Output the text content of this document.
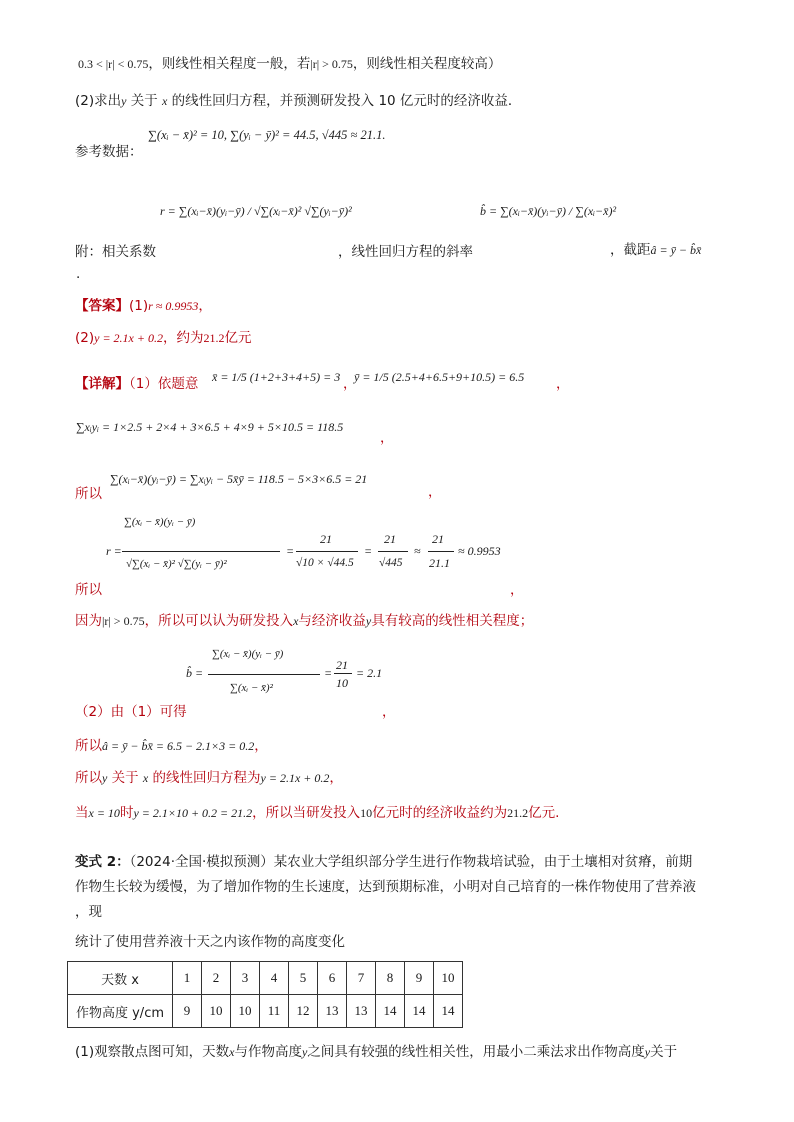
0.3 < |r| < 0.75，则线性相关程度一般，若|r| > 0.75，则线性相关程度较高）
(2)求出y 关于 x 的线性回归方程，并预测研发投入 10 亿元时的经济收益．
∑(xᵢ − x̄)² = 10, ∑(yᵢ − ȳ)² = 44.5, √445 ≈ 21.1.
参考数据：
r = ∑(xᵢ−x̄)(yᵢ−ȳ) / √∑(xᵢ−x̄)² √∑(yᵢ−ȳ)²	b̂ = ∑(xᵢ−x̄)(yᵢ−ȳ) / ∑(xᵢ−x̄)²
附：相关系数	，线性回归方程的斜率	，截距â = ȳ − b̂x̄
.
【答案】(1)r ≈ 0.9953，
(2)y = 2.1x + 0.2，约为21.2亿元
【详解】（1）依题意 x̄ = 1/5 (1+2+3+4+5) = 3 ，
ȳ = 1/5 (2.5+4+6.5+9+10.5) = 6.5 ，
∑xᵢyᵢ = 1×2.5 + 2×4 + 3×6.5 + 4×9 + 5×10.5 = 118.5
，
所以
∑(xᵢ−x̄)(yᵢ−ȳ) = ∑xᵢyᵢ − 5x̄ȳ = 118.5 − 5×3×6.5 = 21
，
r =
∑(xᵢ − x̄)(yᵢ − ȳ)
√∑(xᵢ − x̄)² √∑(yᵢ − ȳ)²
=
21
√10 × √44.5
=
21
√445
≈
21
21.1
≈ 0.9953
所以	，
因为|r| > 0.75，所以可以认为研发投入x与经济收益y具有较高的线性相关程度；
b̂ =
∑(xᵢ − x̄)(yᵢ − ȳ)
∑(xᵢ − x̄)²
=
21
10
= 2.1
（2）由（1）可得	，
所以â = ȳ − b̂x̄ = 6.5 − 2.1×3 = 0.2，
所以y 关于 x 的线性回归方程为y = 2.1x + 0.2，
当x = 10时y = 2.1×10 + 0.2 = 21.2，所以当研发投入10亿元时的经济收益约为21.2亿元.
变式 2：（2024·全国·模拟预测）某农业大学组织部分学生进行作物栽培试验，由于土壤相对贫瘠，前期
作物生长较为缓慢，为了增加作物的生长速度，达到预期标准，小明对自己培育的一株作物使用了营养液
，现
统计了使用营养液十天之内该作物的高度变化
天数 x	1	2	3	4	5	6	7	8	9	10
作物高度 y/cm	9	10	10	11	12	13	13	14	14	14
(1)观察散点图可知，天数x与作物高度y之间具有较强的线性相关性，用最小二乘法求出作物高度y关于
